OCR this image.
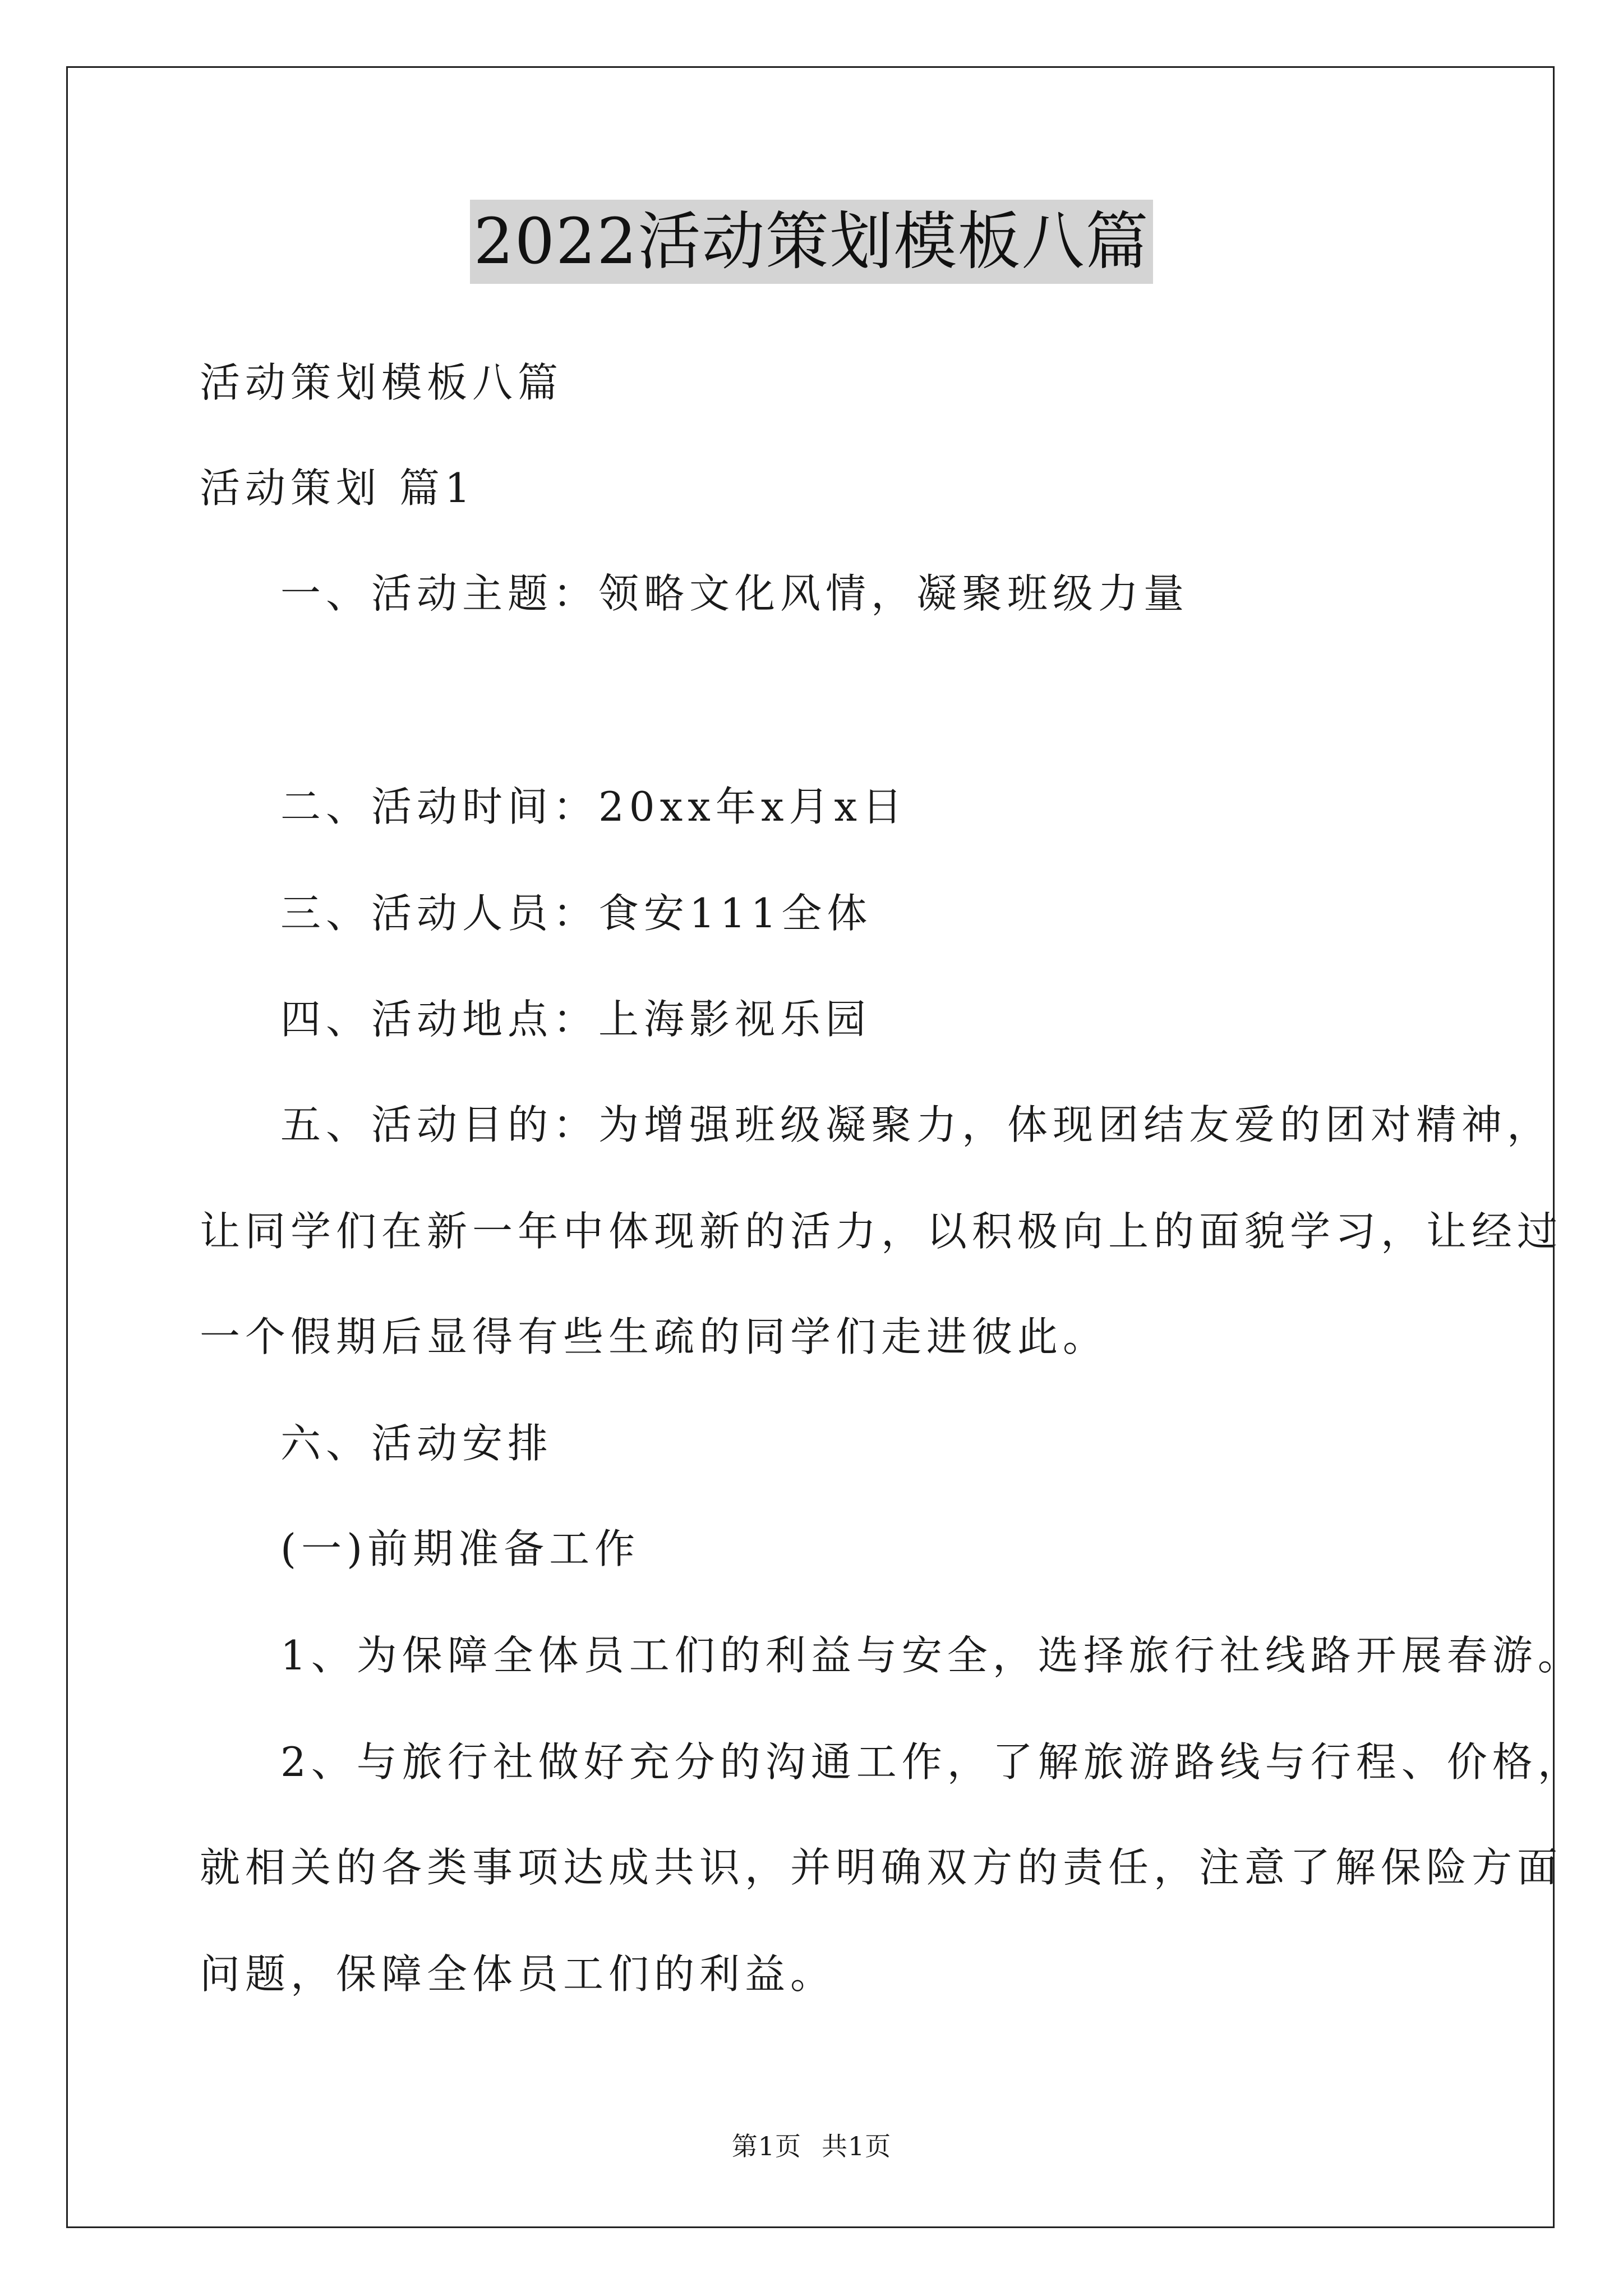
2022活动策划模板八篇
活动策划模板八篇
活动策划 篇1
一、活动主题：领略文化风情，凝聚班级力量
二、活动时间：20xx年x月x日
三、活动人员：食安111全体
四、活动地点：上海影视乐园
五、活动目的：为增强班级凝聚力，体现团结友爱的团对精神，
让同学们在新一年中体现新的活力，以积极向上的面貌学习，让经过
一个假期后显得有些生疏的同学们走进彼此。
六、活动安排
(一)前期准备工作
1、为保障全体员工们的利益与安全，选择旅行社线路开展春游。
2、与旅行社做好充分的沟通工作，了解旅游路线与行程、价格，
就相关的各类事项达成共识，并明确双方的责任，注意了解保险方面
问题，保障全体员工们的利益。
第1页 共1页
